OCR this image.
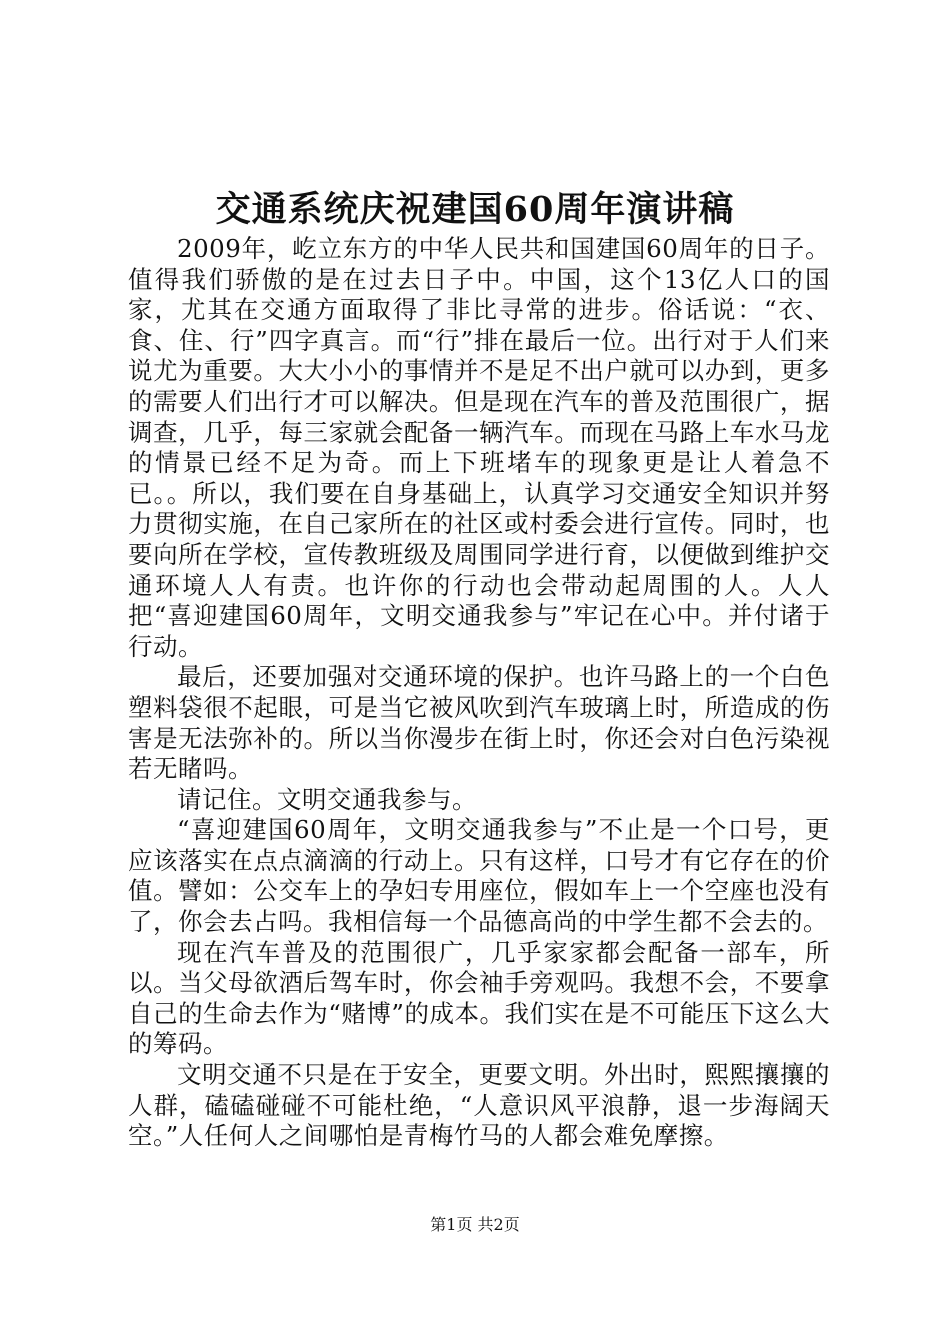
交通系统庆祝建国60周年演讲稿

2009年，屹立东方的中华人民共和国建国60周年的日子。值得我们骄傲的是在过去日子中。中国，这个13亿人口的国家，尤其在交通方面取得了非比寻常的进步。俗话说：“衣、食、住、行”四字真言。而“行”排在最后一位。出行对于人们来说尤为重要。大大小小的事情并不是足不出户就可以办到，更多的需要人们出行才可以解决。但是现在汽车的普及范围很广，据调查，几乎，每三家就会配备一辆汽车。而现在马路上车水马龙的情景已经不足为奇。而上下班堵车的现象更是让人着急不已。。所以，我们要在自身基础上，认真学习交通安全知识并努力贯彻实施，在自己家所在的社区或村委会进行宣传。同时，也要向所在学校，宣传教班级及周围同学进行育，以便做到维护交通环境人人有责。也许你的行动也会带动起周围的人。人人把“喜迎建国60周年，文明交通我参与”牢记在心中。并付诸于行动。

最后，还要加强对交通环境的保护。也许马路上的一个白色塑料袋很不起眼，可是当它被风吹到汽车玻璃上时，所造成的伤害是无法弥补的。所以当你漫步在街上时，你还会对白色污染视若无睹吗。

请记住。文明交通我参与。

“喜迎建国60周年，文明交通我参与”不止是一个口号，更应该落实在点点滴滴的行动上。只有这样，口号才有它存在的价值。譬如：公交车上的孕妇专用座位，假如车上一个空座也没有了，你会去占吗。我相信每一个品德高尚的中学生都不会去的。

现在汽车普及的范围很广，几乎家家都会配备一部车，所以。当父母欲酒后驾车时，你会袖手旁观吗。我想不会，不要拿自己的生命去作为“赌博”的成本。我们实在是不可能压下这么大的筹码。

文明交通不只是在于安全，更要文明。外出时，熙熙攘攘的人群，磕磕碰碰不可能杜绝，“人意识风平浪静，退一步海阔天空。”人任何人之间哪怕是青梅竹马的人都会难免摩擦。

第1页 共2页
